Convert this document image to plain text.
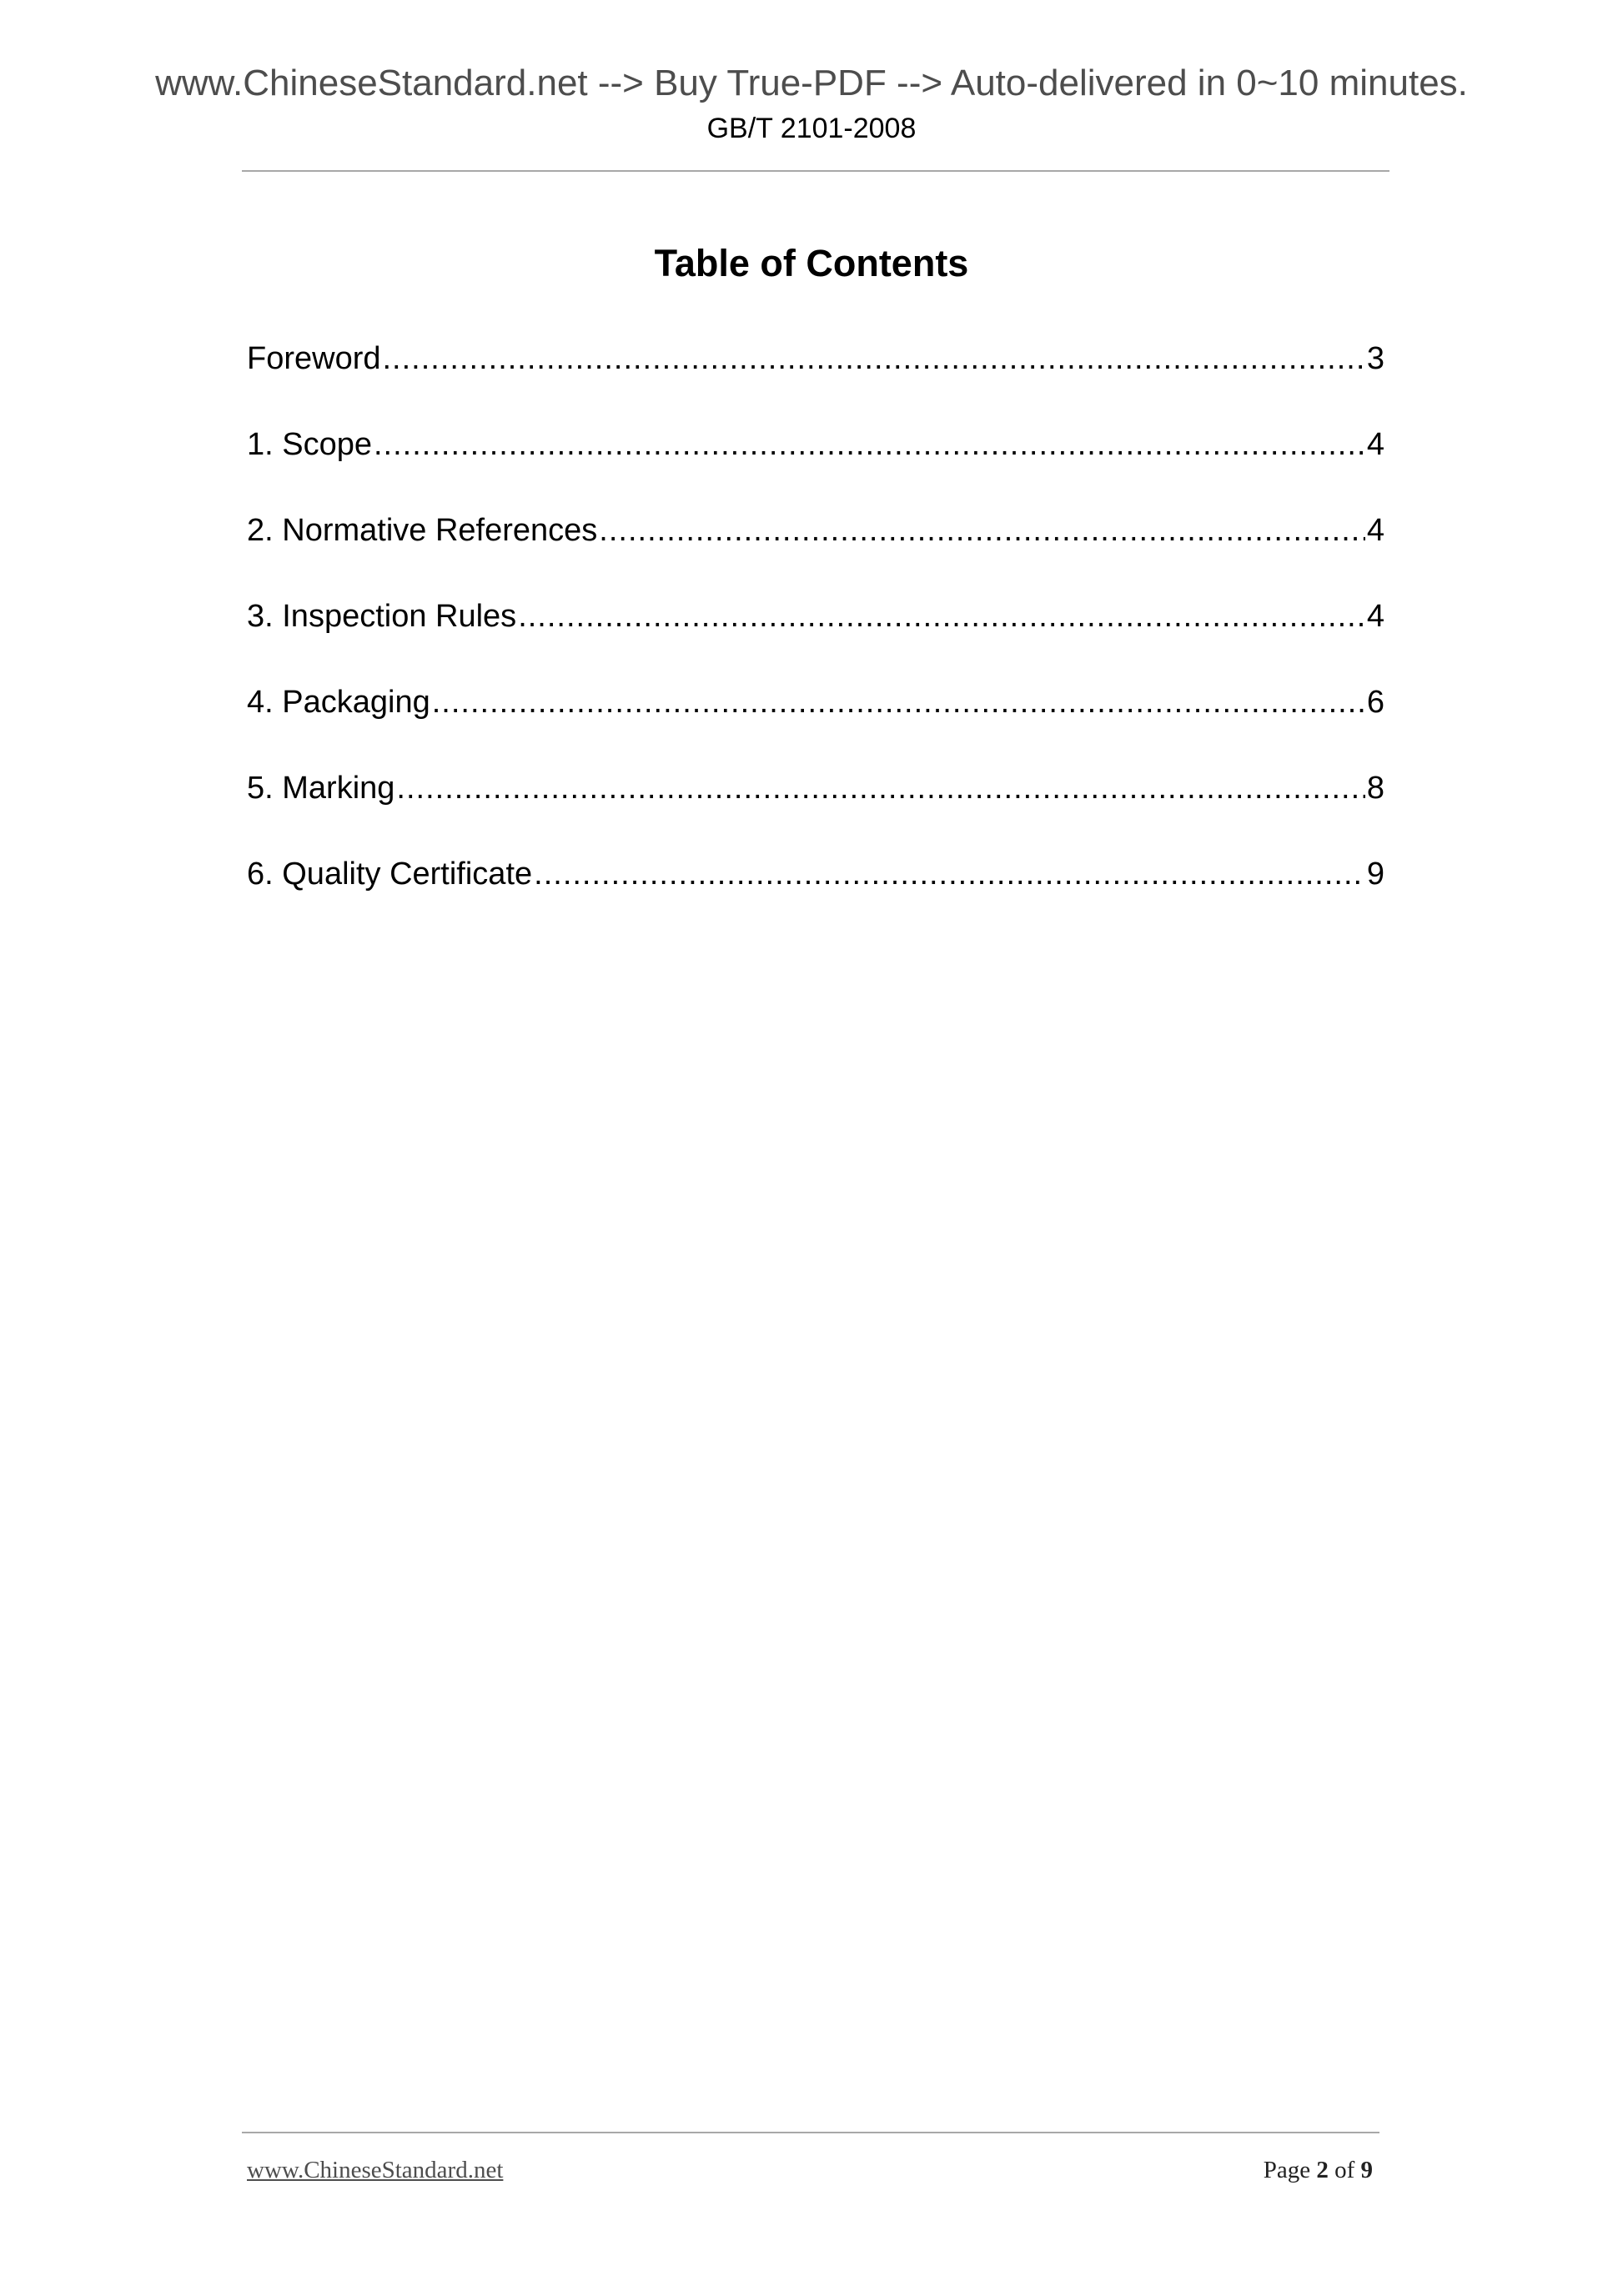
www.ChineseStandard.net --> Buy True-PDF --> Auto-delivered in 0~10 minutes.
GB/T 2101-2008
Table of Contents
Foreword .....	3
1. Scope .....	4
2. Normative References .....	4
3. Inspection Rules .....	4
4. Packaging .....	6
5. Marking .....	8
6. Quality Certificate .....	9
www.ChineseStandard.net	Page 2 of 9
